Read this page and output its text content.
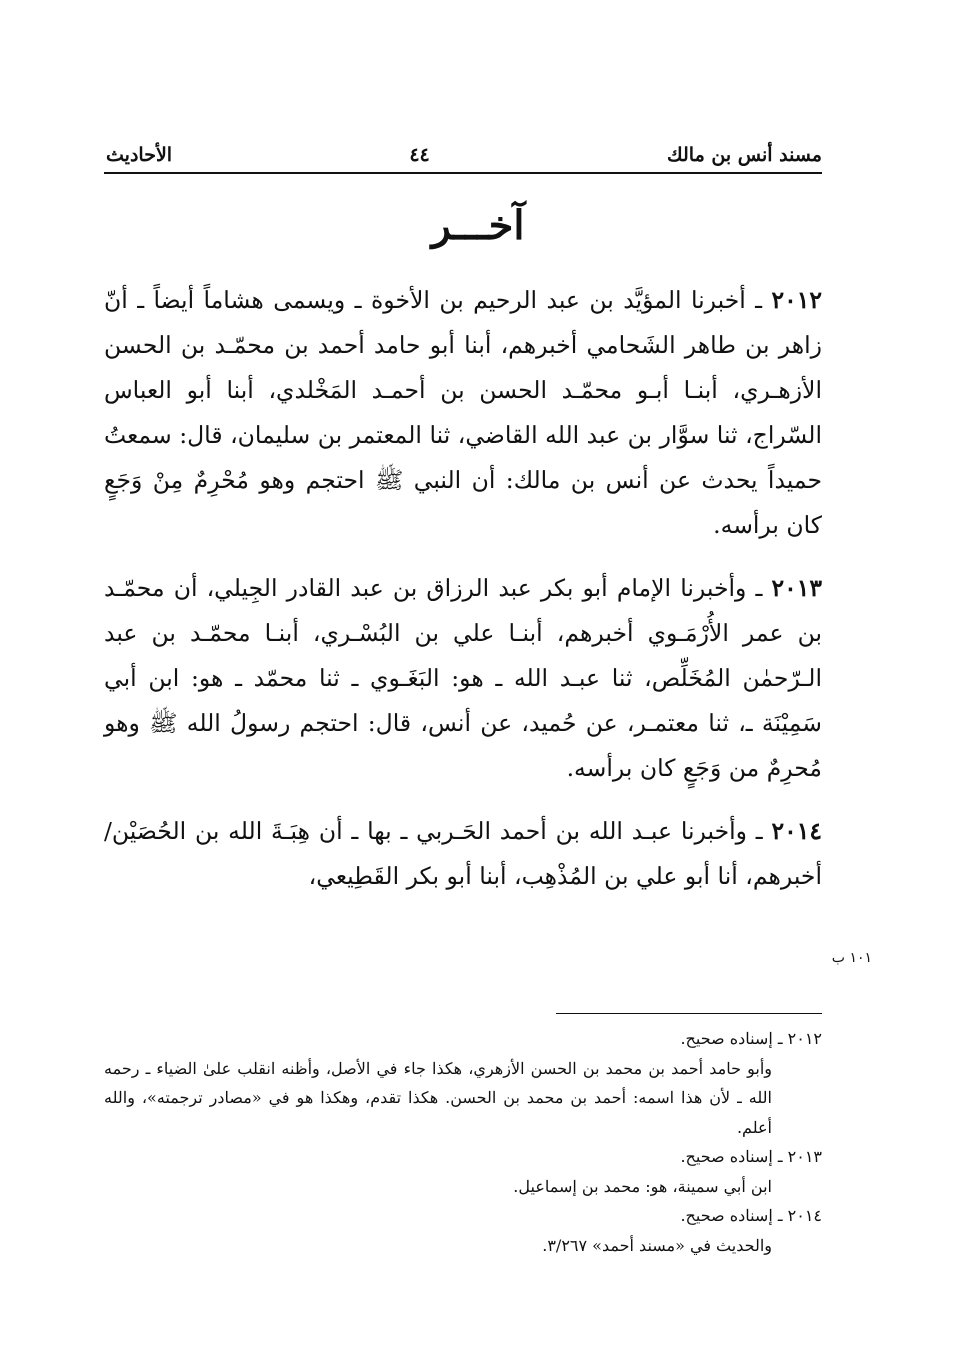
مسند أنس بن مالك
٤٤
الأحاديث
آخـــر

٢٠١٢ ـ أخبرنا المؤيَّد بن عبد الرحيم بن الأخوة ـ ويسمى هشاماً أيضاً ـ أنّ زاهر بن طاهر الشَحامي أخبرهم، أبنا أبو حامد أحمد بن محمّـد بن الحسن الأزهـري، أبنـا أبـو محمّـد الحسن بن أحمـد المَخْلدي، أبنا أبو العباس السّراج، ثنا سوَّار بن عبد الله القاضي، ثنا المعتمر بن سليمان، قال: سمعتُ حميداً يحدث عن أنس بن مالك: أن النبي ﷺ احتجم وهو مُحْرِمٌ مِنْ وَجَعٍ كان برأسه.

٢٠١٣ ـ وأخبرنا الإمام أبو بكر عبد الرزاق بن عبد القادر الجِيلي، أن محمّـد بن عمر الأُرْمَـوي أخبرهم، أبنـا علي بن البُسْـري، أبنـا محمّـد بن عبد الـرّحمٰن المُخَلِّص، ثنا عبـد الله ـ هو: البَغَـوي ـ ثنا محمّد ـ هو: ابن أبي سَمِيْنَة ـ، ثنا معتمـر، عن حُميد، عن أنس، قال: احتجم رسولُ الله ﷺ وهو مُحرِمٌ من وَجَعٍ كان برأسه.

٢٠١٤ ـ وأخبرنا عبـد الله بن أحمد الحَـربي ـ بها ـ أن هِبَـةَ الله بن الحُصَيْن/ أخبرهم، أنا أبو علي بن المُذْهِب، أبنا أبو بكر القَطِيعي،

١٠١ ب

٢٠١٢ ـ إسناده صحيح.

وأبو حامد أحمد بن محمد بن الحسن الأزهري، هكذا جاء في الأصل، وأظنه انقلب علىٰ الضياء ـ رحمه الله ـ لأن هذا اسمه: أحمد بن محمد بن الحسن. هكذا تقدم، وهكذا هو في «مصادر ترجمته»، والله أعلم.

٢٠١٣ ـ إسناده صحيح.

ابن أبي سمينة، هو: محمد بن إسماعيل.

٢٠١٤ ـ إسناده صحيح.

والحديث في «مسند أحمد» ٣/٢٦٧.
